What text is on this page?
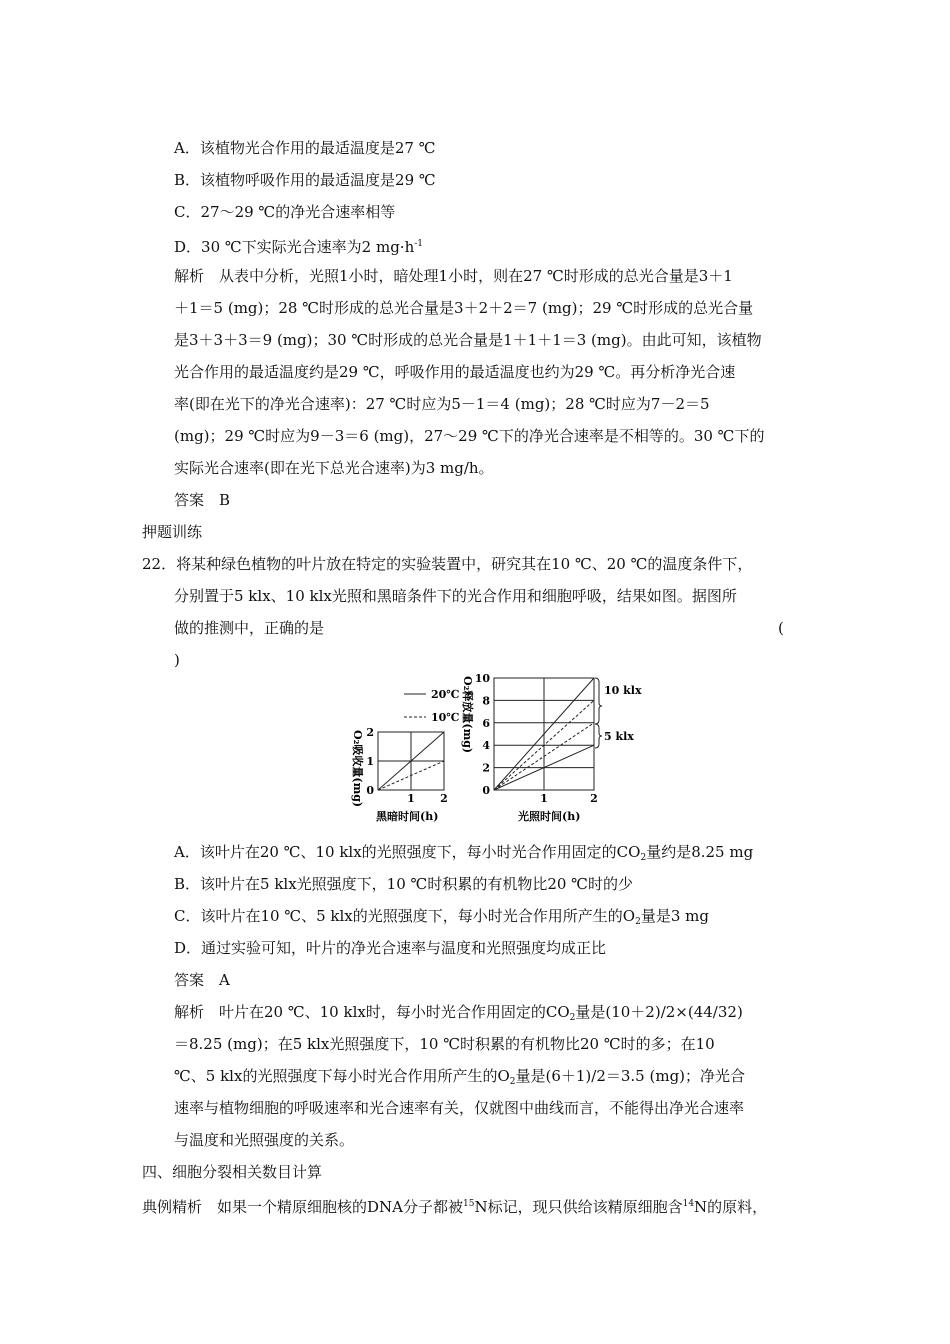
A．该植物光合作用的最适温度是27 ℃
B．该植物呼吸作用的最适温度是29 ℃
C．27～29 ℃的净光合速率相等
D．30 ℃下实际光合速率为2 $mg\cdot h^{-1}$
解析　从表中分析，光照1小时，暗处理1小时，则在27 ℃时形成的总光合量是3＋1
＋1＝5 (mg)；28 ℃时形成的总光合量是3＋2＋2＝7 (mg)；29 ℃时形成的总光合量
是3＋3＋3＝9 (mg)；30 ℃时形成的总光合量是1＋1＋1＝3 (mg)。由此可知，该植物
光合作用的最适温度约是29 ℃，呼吸作用的最适温度也约为29 ℃。再分析净光合速
率(即在光下的净光合速率)：27 ℃时应为5－1＝4 (mg)；28 ℃时应为7－2＝5
(mg)；29 ℃时应为9－3＝6 (mg)，27～29 ℃下的净光合速率是不相等的。30 ℃下的
实际光合速率(即在光下总光合速率)为3 mg/h。
答案　B
押题训练
22．将某种绿色植物的叶片放在特定的实验装置中，研究其在10 ℃、20 ℃的温度条件下，
分别置于5 klx、10 klx光照和黑暗条件下的光合作用和细胞呼吸，结果如图。据图所
做的推测中，正确的是	(
)
20℃
10℃
O₂吸收量(mg)
黑暗时间(h)
0
1
2
1 2
O₂释放量(mg)
光照时间(h)
10 klx
5 klx
0
2
4
6
8
10
1	2
A．该叶片在20 ℃、10 klx的光照强度下，每小时光合作用固定的$CO_2$量约是8.25 mg
B．该叶片在5 klx光照强度下，10 ℃时积累的有机物比20 ℃时的少
C．该叶片在10 ℃、5 klx的光照强度下，每小时光合作用所产生的$O_2$量是3 mg
D．通过实验可知，叶片的净光合速率与温度和光照强度均成正比
答案　A
解析　叶片在20 ℃、10 klx时，每小时光合作用固定的$CO_2$量是(10＋2)/2×(44/32)
＝8.25 (mg)；在5 klx光照强度下，10 ℃时积累的有机物比20 ℃时的多；在10
℃、5 klx的光照强度下每小时光合作用所产生的$O_2$量是(6＋1)/2＝3.5 (mg)；净光合
速率与植物细胞的呼吸速率和光合速率有关，仅就图中曲线而言，不能得出净光合速率
与温度和光照强度的关系。
四、细胞分裂相关数目计算
典例精析　如果一个精原细胞核的DNA分子都被$^{15}$N标记，现只供给该精原细胞含$^{14}$N的原料，
